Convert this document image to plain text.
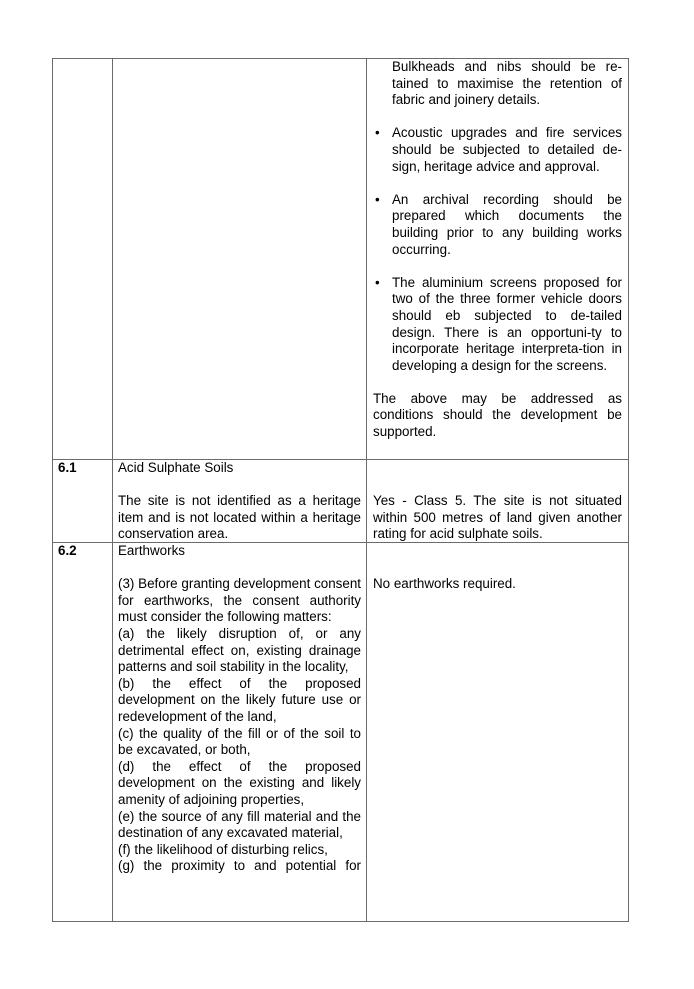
Bulkheads and nibs should be re-tained to maximise the retention of fabric and joinery details.
• Acoustic upgrades and fire services should be subjected to detailed de-sign, heritage advice and approval.
• An archival recording should be prepared which documents the building prior to any building works occurring.
• The aluminium screens proposed for two of the three former vehicle doors should eb subjected to de-tailed design. There is an opportuni-ty to incorporate heritage interpreta-tion in developing a design for the screens.

The above may be addressed as conditions should the development be supported.

6.1	Acid Sulphate Soils

The site is not identified as a heritage item and is not located within a heritage conservation area.

Yes - Class 5. The site is not situated within 500 metres of land given another rating for acid sulphate soils.

6.2	Earthworks

(3) Before granting development consent for earthworks, the consent authority must consider the following matters:

(a) the likely disruption of, or any detrimental effect on, existing drainage patterns and soil stability in the locality,

(b) the effect of the proposed development on the likely future use or redevelopment of the land,

(c) the quality of the fill or of the soil to be excavated, or both,

(d) the effect of the proposed development on the existing and likely amenity of adjoining properties,

(e) the source of any fill material and the destination of any excavated material,

(f) the likelihood of disturbing relics,

(g) the proximity to and potential for

No earthworks required.
